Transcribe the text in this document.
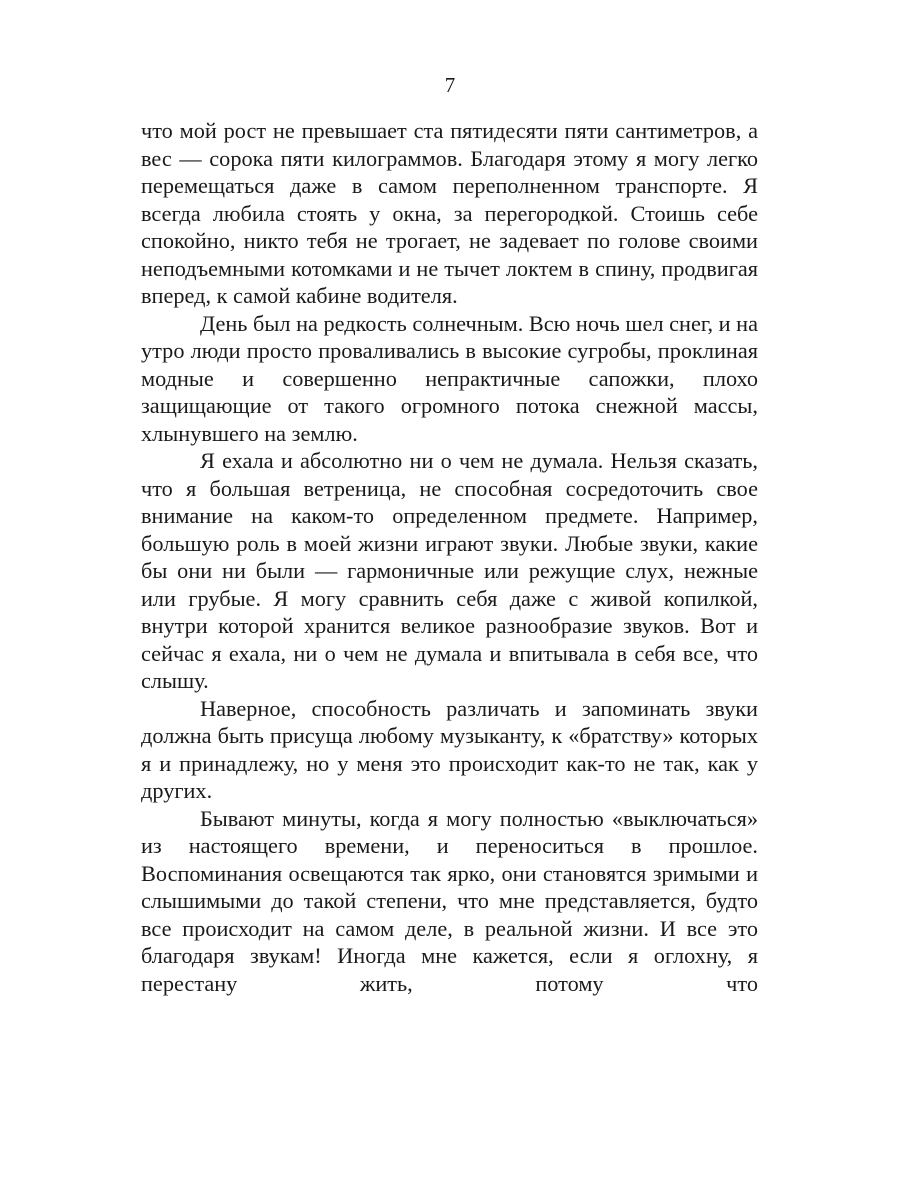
7

что мой рост не превышает ста пятидесяти пяти сантиметров, а вес — сорока пяти килограммов. Благодаря этому я могу легко перемещаться даже в самом переполненном транспорте. Я всегда любила стоять у окна, за перегородкой. Стоишь себе спокойно, никто тебя не трогает, не задевает по голове своими неподъемными котомками и не тычет локтем в спину, продвигая вперед, к самой кабине водителя.

День был на редкость солнечным. Всю ночь шел снег, и на утро люди просто проваливались в высокие сугробы, проклиная модные и совершенно непрактичные сапожки, плохо защищающие от такого огромного потока снежной массы, хлынувшего на землю.

Я ехала и абсолютно ни о чем не думала. Нельзя сказать, что я большая ветреница, не способная сосредоточить свое внимание на каком-то определенном предмете. Например, большую роль в моей жизни играют звуки. Любые звуки, какие бы они ни были — гармоничные или режущие слух, нежные или грубые. Я могу сравнить себя даже с живой копилкой, внутри которой хранится великое разнообразие звуков. Вот и сейчас я ехала, ни о чем не думала и впитывала в себя все, что слышу.

Наверное, способность различать и запоминать звуки должна быть присуща любому музыканту, к «братству» которых я и принадлежу, но у меня это происходит как-то не так, как у других.

Бывают минуты, когда я могу полностью «выключаться» из настоящего времени, и переноситься в прошлое. Воспоминания освещаются так ярко, они становятся зримыми и слышимыми до такой степени, что мне представляется, будто все происходит на самом деле, в реальной жизни. И все это благодаря звукам! Иногда мне кажется, если я оглохну, я перестану жить, потому что
